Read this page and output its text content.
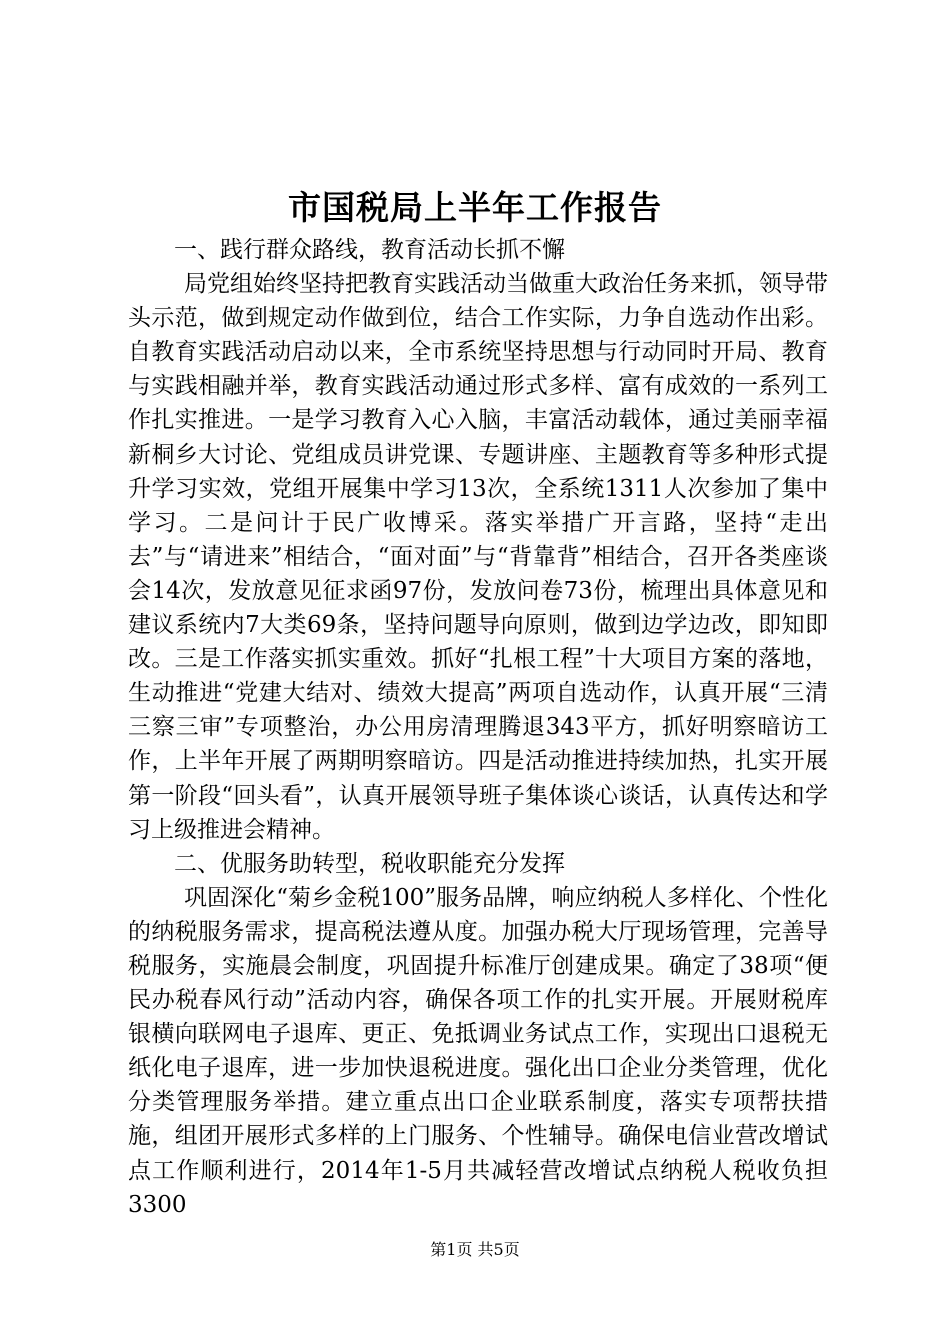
市国税局上半年工作报告

一、践行群众路线，教育活动长抓不懈

局党组始终坚持把教育实践活动当做重大政治任务来抓，领导带头示范，做到规定动作做到位，结合工作实际，力争自选动作出彩。自教育实践活动启动以来，全市系统坚持思想与行动同时开局、教育与实践相融并举，教育实践活动通过形式多样、富有成效的一系列工作扎实推进。一是学习教育入心入脑，丰富活动载体，通过美丽幸福新桐乡大讨论、党组成员讲党课、专题讲座、主题教育等多种形式提升学习实效，党组开展集中学习13次，全系统1311人次参加了集中学习。二是问计于民广收博采。落实举措广开言路，坚持“走出去”与“请进来”相结合，“面对面”与“背靠背”相结合，召开各类座谈会14次，发放意见征求函97份，发放问卷73份，梳理出具体意见和建议系统内7大类69条，坚持问题导向原则，做到边学边改，即知即改。三是工作落实抓实重效。抓好“扎根工程”十大项目方案的落地，生动推进“党建大结对、绩效大提高”两项自选动作，认真开展“三清三察三审”专项整治，办公用房清理腾退343平方，抓好明察暗访工作，上半年开展了两期明察暗访。四是活动推进持续加热，扎实开展第一阶段“回头看”，认真开展领导班子集体谈心谈话，认真传达和学习上级推进会精神。

二、优服务助转型，税收职能充分发挥

巩固深化“菊乡金税100”服务品牌，响应纳税人多样化、个性化的纳税服务需求，提高税法遵从度。加强办税大厅现场管理，完善导税服务，实施晨会制度，巩固提升标准厅创建成果。确定了38项“便民办税春风行动”活动内容，确保各项工作的扎实开展。开展财税库银横向联网电子退库、更正、免抵调业务试点工作，实现出口退税无纸化电子退库，进一步加快退税进度。强化出口企业分类管理，优化分类管理服务举措。建立重点出口企业联系制度，落实专项帮扶措施，组团开展形式多样的上门服务、个性辅导。确保电信业营改增试点工作顺利进行，2014年1-5月共减轻营改增试点纳税人税收负担3300

第1页 共5页
